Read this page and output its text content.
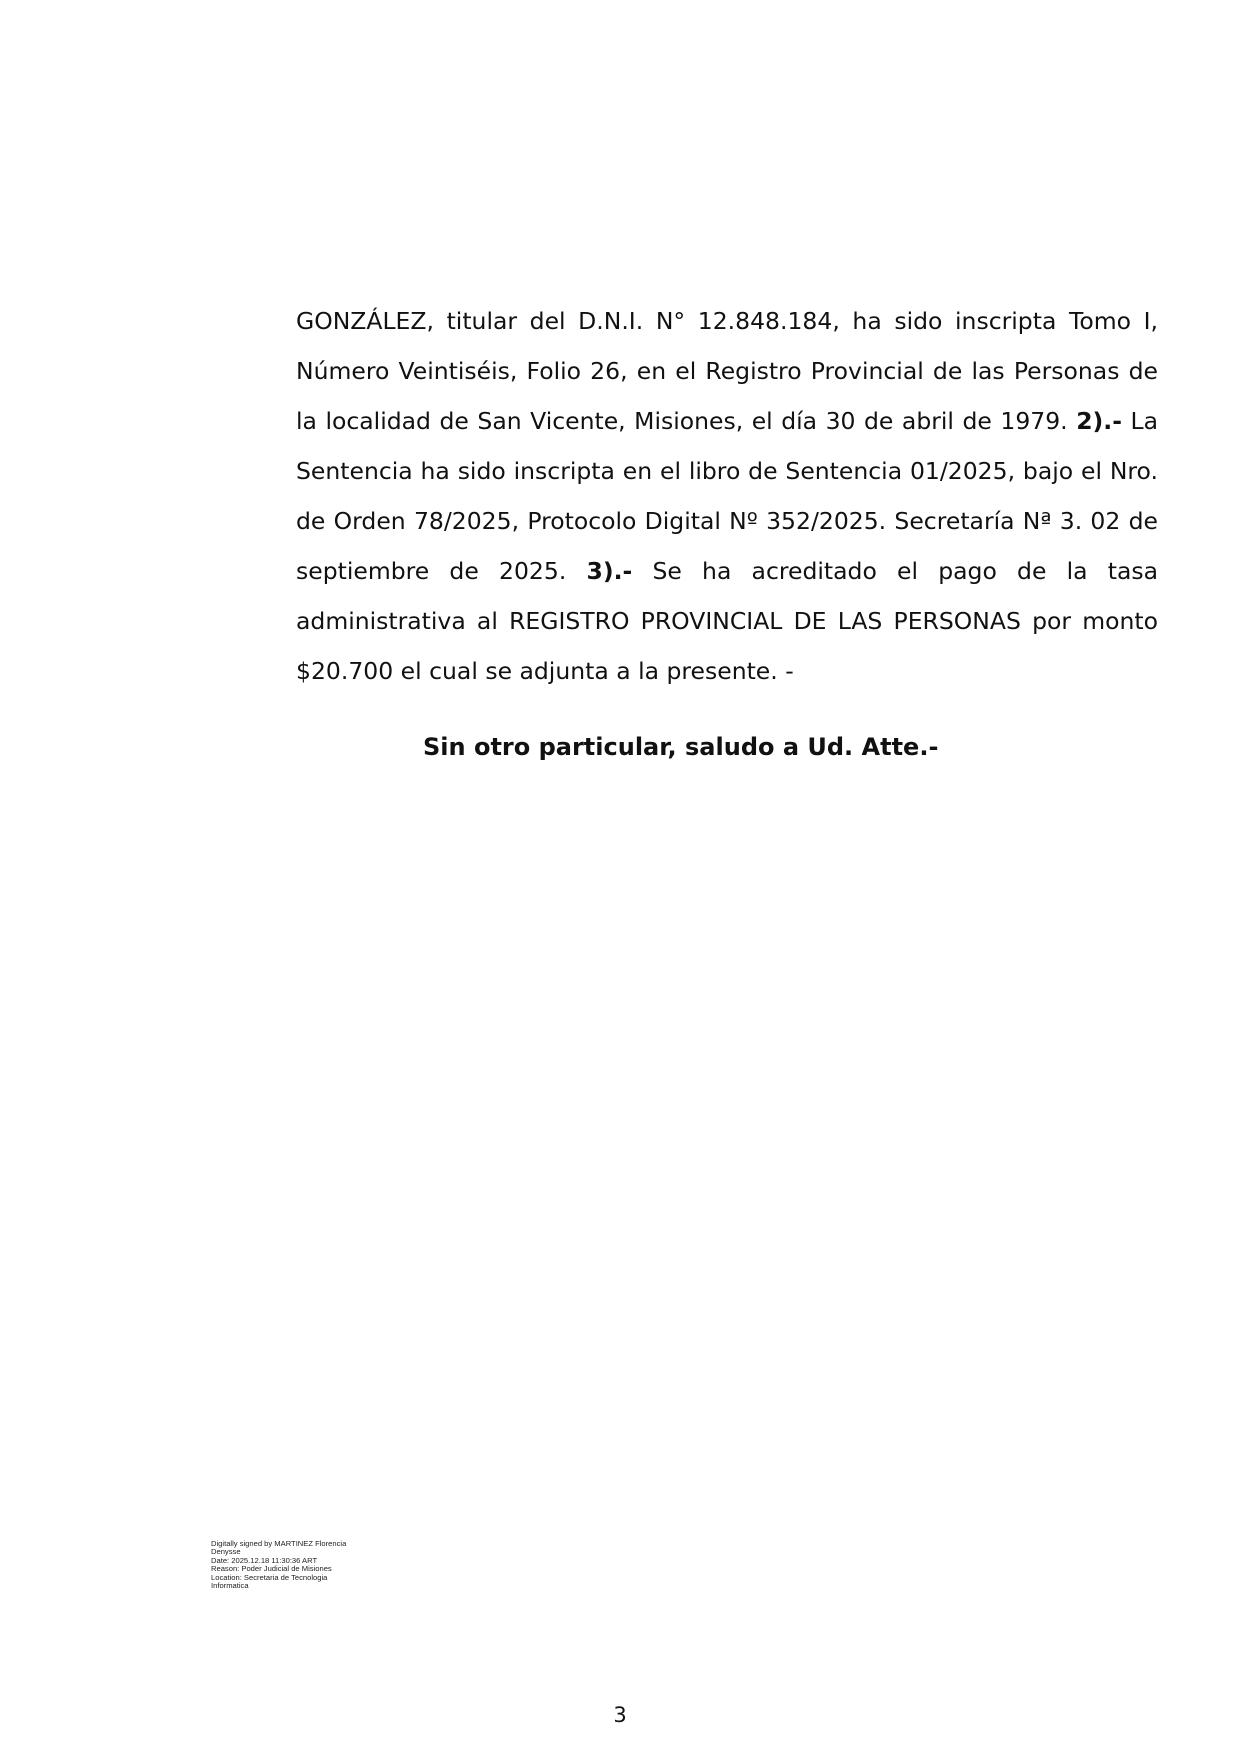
GONZÁLEZ, titular del D.N.I. N° 12.848.184, ha sido inscripta Tomo I, Número Veintiséis, Folio 26, en el Registro Provincial de las Personas de la localidad de San Vicente, Misiones, el día 30 de abril de 1979. 2).- La Sentencia ha sido inscripta en el libro de Sentencia 01/2025, bajo el Nro. de Orden 78/2025, Protocolo Digital Nº 352/2025. Secretaría Nª 3. 02 de septiembre de 2025. 3).- Se ha acreditado el pago de la tasa administrativa al REGISTRO PROVINCIAL DE LAS PERSONAS por monto $20.700 el cual se adjunta a la presente. -

Sin otro particular, saludo a Ud. Atte.-
Digitally signed by MARTINEZ Florencia
Denysse
Date: 2025.12.18 11:30:36 ART
Reason: Poder Judicial de Misiones
Location: Secretaria de Tecnologia
Informatica
3
